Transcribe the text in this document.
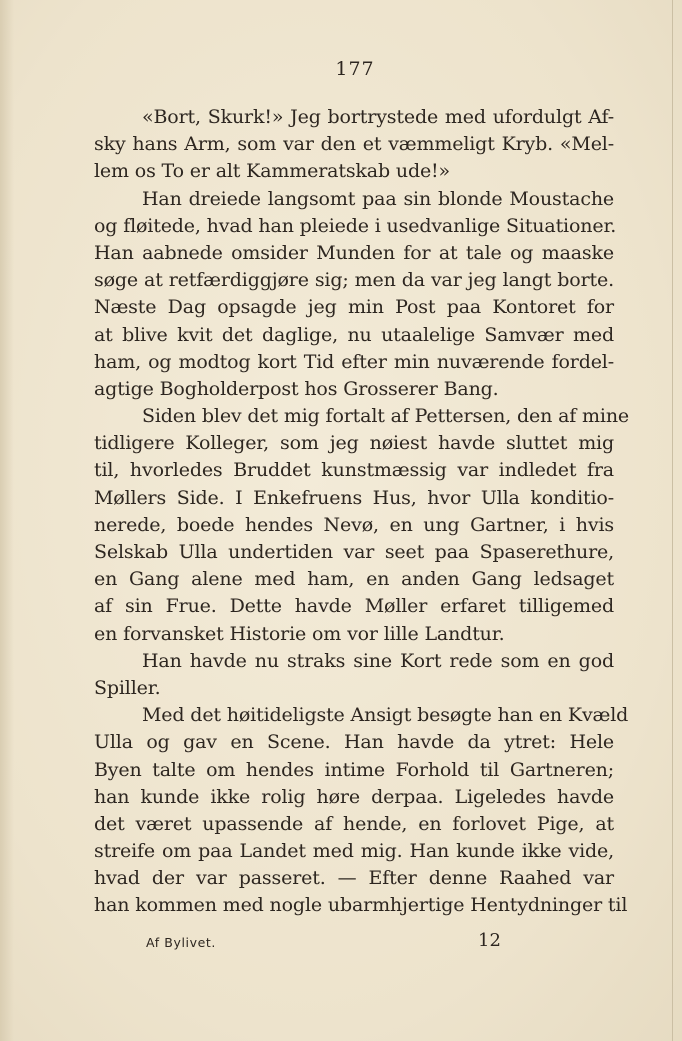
177
«Bort, Skurk!» Jeg bortrystede med ufordulgt Af-
sky hans Arm, som var den et væmmeligt Kryb. «Mel-
lem os To er alt Kammeratskab ude!»
Han dreiede langsomt paa sin blonde Moustache
og fløitede, hvad han pleiede i usedvanlige Situationer.
Han aabnede omsider Munden for at tale og maaske
søge at retfærdiggjøre sig; men da var jeg langt borte.
Næste Dag opsagde jeg min Post paa Kontoret for
at blive kvit det daglige, nu utaalelige Samvær med
ham, og modtog kort Tid efter min nuværende fordel-
agtige Bogholderpost hos Grosserer Bang.
Siden blev det mig fortalt af Pettersen, den af mine
tidligere Kolleger, som jeg nøiest havde sluttet mig
til, hvorledes Bruddet kunstmæssig var indledet fra
Møllers Side. I Enkefruens Hus, hvor Ulla konditio-
nerede, boede hendes Nevø, en ung Gartner, i hvis
Selskab Ulla undertiden var seet paa Spaserethure,
en Gang alene med ham, en anden Gang ledsaget
af sin Frue. Dette havde Møller erfaret tilligemed
en forvansket Historie om vor lille Landtur.
Han havde nu straks sine Kort rede som en god
Spiller.
Med det høitideligste Ansigt besøgte han en Kvæld
Ulla og gav en Scene. Han havde da ytret: Hele
Byen talte om hendes intime Forhold til Gartneren;
han kunde ikke rolig høre derpaa. Ligeledes havde
det været upassende af hende, en forlovet Pige, at
streife om paa Landet med mig. Han kunde ikke vide,
hvad der var passeret. — Efter denne Raahed var
han kommen med nogle ubarmhjertige Hentydninger til
Af Bylivet.	12
